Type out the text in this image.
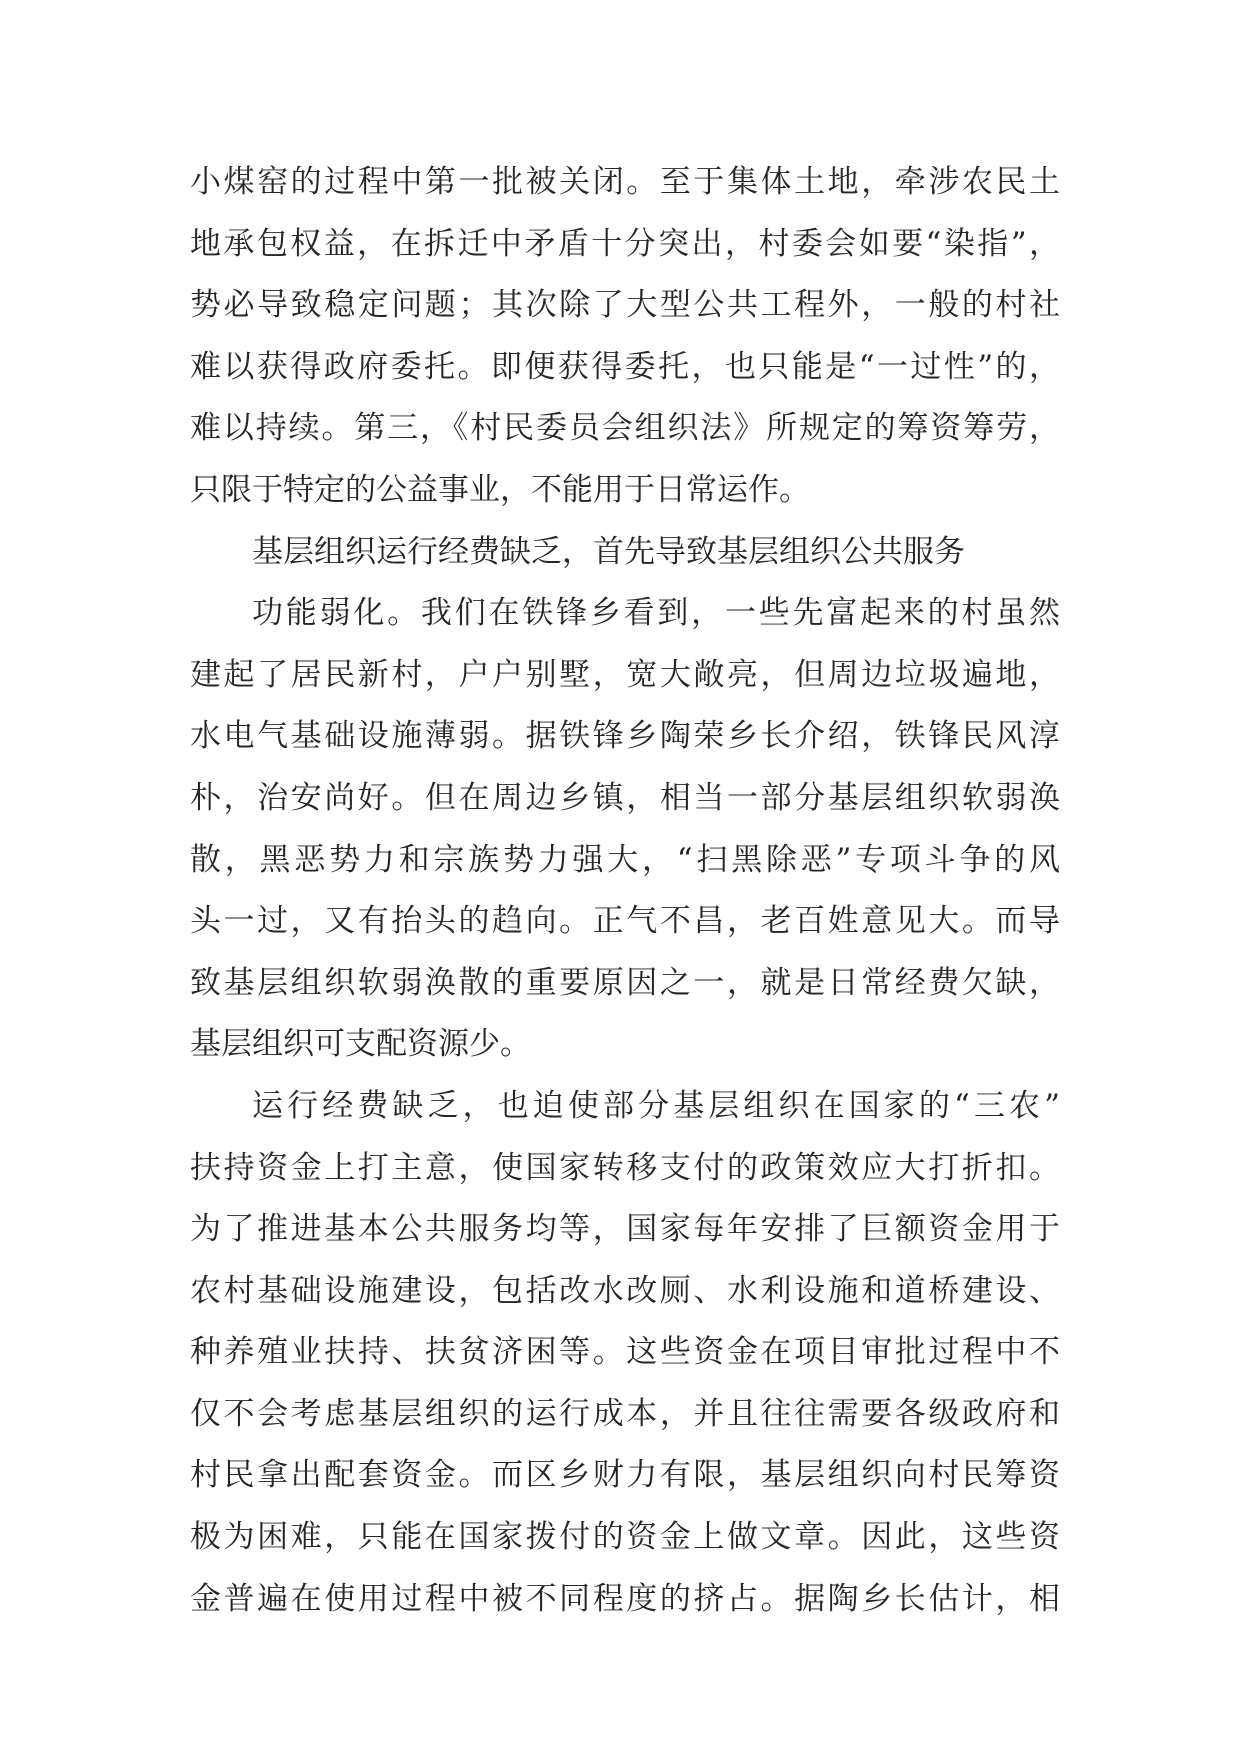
小煤窑的过程中第一批被关闭。至于集体土地，牵涉农民土
地承包权益，在拆迁中矛盾十分突出，村委会如要“染指”，
势必导致稳定问题；其次除了大型公共工程外，一般的村社
难以获得政府委托。即便获得委托，也只能是“一过性”的，
难以持续。第三，《村民委员会组织法》所规定的筹资筹劳，
只限于特定的公益事业，不能用于日常运作。
基层组织运行经费缺乏，首先导致基层组织公共服务
功能弱化。我们在铁锋乡看到，一些先富起来的村虽然
建起了居民新村，户户别墅，宽大敞亮，但周边垃圾遍地，
水电气基础设施薄弱。据铁锋乡陶荣乡长介绍，铁锋民风淳
朴，治安尚好。但在周边乡镇，相当一部分基层组织软弱涣
散，黑恶势力和宗族势力强大，“扫黑除恶”专项斗争的风
头一过，又有抬头的趋向。正气不昌，老百姓意见大。而导
致基层组织软弱涣散的重要原因之一，就是日常经费欠缺，
基层组织可支配资源少。
运行经费缺乏，也迫使部分基层组织在国家的“三农”
扶持资金上打主意，使国家转移支付的政策效应大打折扣。
为了推进基本公共服务均等，国家每年安排了巨额资金用于
农村基础设施建设，包括改水改厕、水利设施和道桥建设、
种养殖业扶持、扶贫济困等。这些资金在项目审批过程中不
仅不会考虑基层组织的运行成本，并且往往需要各级政府和
村民拿出配套资金。而区乡财力有限，基层组织向村民筹资
极为困难，只能在国家拨付的资金上做文章。因此，这些资
金普遍在使用过程中被不同程度的挤占。据陶乡长估计，相
